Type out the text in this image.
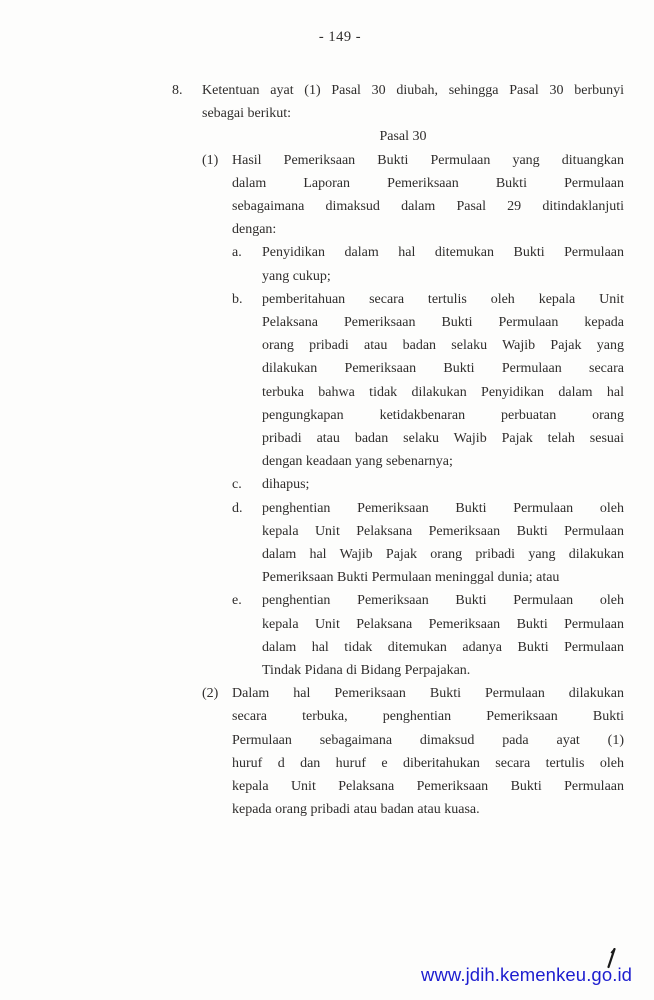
- 149 -
8.	Ketentuan ayat (1) Pasal 30 diubah, sehingga Pasal 30 berbunyi
sebagai berikut:
Pasal 30
(1) Hasil Pemeriksaan Bukti Permulaan yang dituangkan
dalam Laporan Pemeriksaan Bukti Permulaan
sebagaimana dimaksud dalam Pasal 29 ditindaklanjuti
dengan:
a.	Penyidikan dalam hal ditemukan Bukti Permulaan
yang cukup;
b.	pemberitahuan secara tertulis oleh kepala Unit
Pelaksana Pemeriksaan Bukti Permulaan kepada
orang pribadi atau badan selaku Wajib Pajak yang
dilakukan Pemeriksaan Bukti Permulaan secara
terbuka bahwa tidak dilakukan Penyidikan dalam hal
pengungkapan ketidakbenaran perbuatan orang
pribadi atau badan selaku Wajib Pajak telah sesuai
dengan keadaan yang sebenarnya;
c.	dihapus;
d.	penghentian Pemeriksaan Bukti Permulaan oleh
kepala Unit Pelaksana Pemeriksaan Bukti Permulaan
dalam hal Wajib Pajak orang pribadi yang dilakukan
Pemeriksaan Bukti Permulaan meninggal dunia; atau
e.	penghentian Pemeriksaan Bukti Permulaan oleh
kepala Unit Pelaksana Pemeriksaan Bukti Permulaan
dalam hal tidak ditemukan adanya Bukti Permulaan
Tindak Pidana di Bidang Perpajakan.
(2) Dalam hal Pemeriksaan Bukti Permulaan dilakukan
secara terbuka, penghentian Pemeriksaan Bukti
Permulaan sebagaimana dimaksud pada ayat (1)
huruf d dan huruf e diberitahukan secara tertulis oleh
kepala Unit Pelaksana Pemeriksaan Bukti Permulaan
kepada orang pribadi atau badan atau kuasa.
www.jdih.kemenkeu.go.id
